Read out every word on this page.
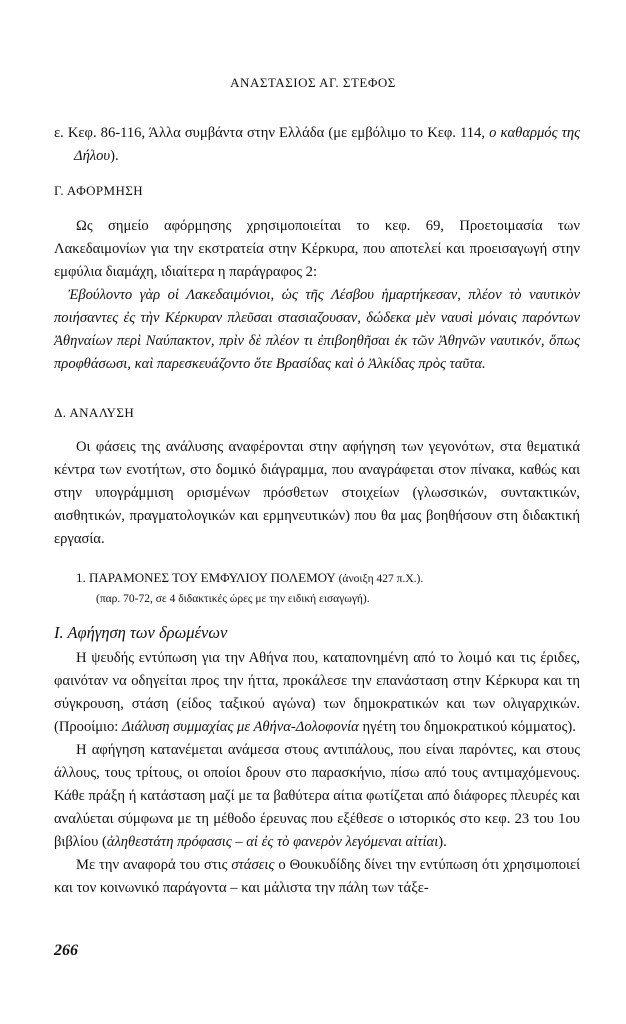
ΑΝΑΣΤΑΣΙΟΣ ΑΓ. ΣΤΕΦΟΣ

ε. Κεφ. 86-116, Άλλα συμβάντα στην Ελλάδα (με εμβόλιμο το Κεφ. 114, ο καθαρμός της Δήλου).

Γ. ΑΦΟΡΜΗΣΗ

Ως σημείο αφόρμησης χρησιμοποιείται το κεφ. 69, Προετοιμασία των Λακεδαιμονίων για την εκστρατεία στην Κέρκυρα, που αποτελεί και προεισαγωγή στην εμφύλια διαμάχη, ιδιαίτερα η παράγραφος 2:

Ἐβούλοντο γὰρ οἱ Λακεδαιμόνιοι, ὡς τῆς Λέσβου ἡμαρτήκεσαν, πλέον τὸ ναυτικὸν ποιήσαντες ἐς τὴν Κέρκυραν πλεῦσαι στασιαζουσαν, δώδεκα μὲν ναυσὶ μόναις παρόντων Ἀθηναίων περὶ Ναύπακτον, πρὶν δὲ πλέον τι ἐπιβοηθῆσαι ἐκ τῶν Ἀθηνῶν ναυτικόν, ὅπως προφθάσωσι, καὶ παρεσκευάζοντο ὅτε Βρασίδας καὶ ὁ Ἀλκίδας πρὸς ταῦτα.

Δ. ΑΝΑΛΥΣΗ

Οι φάσεις της ανάλυσης αναφέρονται στην αφήγηση των γεγονότων, στα θεματικά κέντρα των ενοτήτων, στο δομικό διάγραμμα, που αναγράφεται στον πίνακα, καθώς και στην υπογράμμιση ορισμένων πρόσθετων στοιχείων (γλωσσικών, συντακτικών, αισθητικών, πραγματολογικών και ερμηνευτικών) που θα μας βοηθήσουν στη διδακτική εργασία.

1. ΠΑΡΑΜΟΝΕΣ ΤΟΥ ΕΜΦΥΛΙΟΥ ΠΟΛΕΜΟΥ (άνοιξη 427 π.Χ.).
(παρ. 70-72, σε 4 διδακτικές ώρες με την ειδική εισαγωγή).
Ι. Αφήγηση των δρωμένων

Η ψευδής εντύπωση για την Αθήνα που, καταπονημένη από το λοιμό και τις έριδες, φαινόταν να οδηγείται προς την ήττα, προκάλεσε την επανάσταση στην Κέρκυρα και τη σύγκρουση, στάση (είδος ταξικού αγώνα) των δημοκρατικών και των ολιγαρχικών. (Προοίμιο: Διάλυση συμμαχίας με Αθήνα-Δολοφονία ηγέτη του δημοκρατικού κόμματος).

Η αφήγηση κατανέμεται ανάμεσα στους αντιπάλους, που είναι παρόντες, και στους άλλους, τους τρίτους, οι οποίοι δρουν στο παρασκήνιο, πίσω από τους αντιμαχόμενους. Κάθε πράξη ή κατάσταση μαζί με τα βαθύτερα αίτια φωτίζεται από διάφορες πλευρές και αναλύεται σύμφωνα με τη μέθοδο έρευνας που εξέθεσε ο ιστορικός στο κεφ. 23 του 1ου βιβλίου (ἀληθεστάτη πρόφασις – αἱ ἐς τὸ φανερὸν λεγόμεναι αἰτίαι).

Με την αναφορά του στις στάσεις ο Θουκυδίδης δίνει την εντύπωση ότι χρησιμοποιεί και τον κοινωνικό παράγοντα – και μάλιστα την πάλη των τάξε-

266
